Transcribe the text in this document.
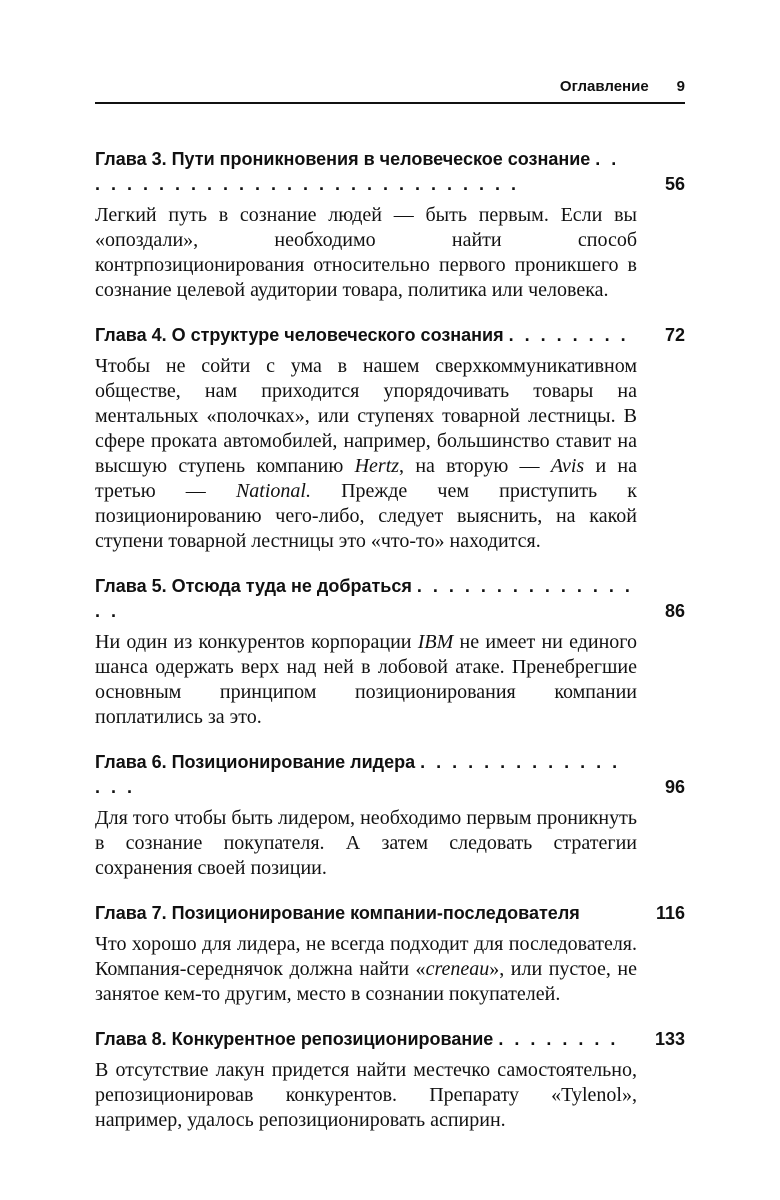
Оглавление 9
Глава 3. Пути проникновения в человеческое сознание . . . . . . . . . . . . . . . . . . . . . . . . . . . . .	56

Легкий путь в сознание людей — быть первым. Если вы «опоздали», необходимо найти способ контрпозиционирования относительно первого проникшего в сознание целевой аудитории товара, политика или человека.

Глава 4. О структуре человеческого сознания . . . . . . . . 72

Чтобы не сойти с ума в нашем сверхкоммуникативном обществе, нам приходится упорядочивать товары на ментальных «полочках», или ступенях товарной лестницы. В сфере проката автомобилей, например, большинство ставит на высшую ступень компанию Hertz, на вторую — Avis и на третью — National. Прежде чем приступить к позиционированию чего-либо, следует выяснить, на какой ступени товарной лестницы это «что-то» находится.

Глава 5. Отсюда туда не добраться . . . . . . . . . . . . . . . .	86

Ни один из конкурентов корпорации IBM не имеет ни единого шанса одержать верх над ней в лобовой атаке. Пренебрегшие основным принципом позиционирования компании поплатились за это.

Глава 6. Позиционирование лидера . . . . . . . . . . . . . . . .	96

Для того чтобы быть лидером, необходимо первым проникнуть в сознание покупателя. А затем следовать стратегии сохранения своей позиции.

Глава 7. Позиционирование компании-последователя	116

Что хорошо для лидера, не всегда подходит для последователя. Компания-середнячок должна найти «creneau», или пустое, не занятое кем-то другим, место в сознании покупателей.

Глава 8. Конкурентное репозиционирование . . . . . . . . 133

В отсутствие лакун придется найти местечко самостоятельно, репозиционировав конкурентов. Препарату «Tylenol», например, удалось репозиционировать аспирин.
